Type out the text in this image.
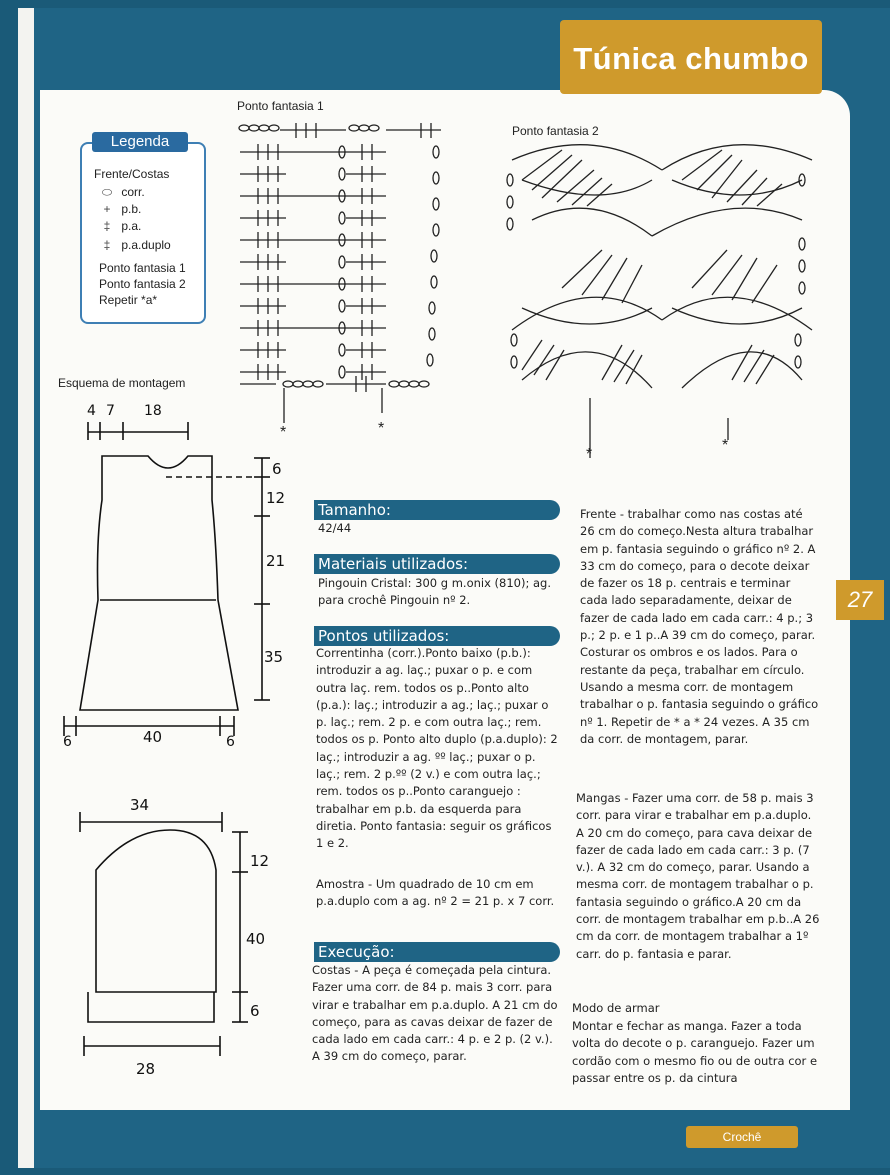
Túnica chumbo
27
Crochê
Legenda
Frente/Costas
⬭ corr.
+ p.b.
‡ p.a.
‡ p.a.duplo
Ponto fantasia 1
Ponto fantasia 2
Repetir *a*
Ponto fantasia 1
Ponto fantasia 2
Esquema de montagem
*	*
*
*
4 7 18
6
12
21
35
6	40	6
34
12
40
6
28
Tamanho:
42/44
Materiais utilizados:
Pingouin Cristal: 300 g m.onix (810); ag. para crochê Pingouin nº 2.
Pontos utilizados:
Correntinha (corr.).Ponto baixo (p.b.): introduzir a ag. laç.; puxar o p. e com outra laç. rem. todos os p..Ponto alto (p.a.): laç.; introduzir a ag.; laç.; puxar o p. laç.; rem. 2 p. e com outra laç.; rem. todos os p. Ponto alto duplo (p.a.duplo): 2 laç.; introduzir a ag. ºº laç.; puxar o p. laç.; rem. 2 p.ºº (2 v.) e com outra laç.; rem. todos os p..Ponto caranguejo : trabalhar em p.b. da esquerda para diretia. Ponto fantasia: seguir os gráficos 1 e 2.
Amostra - Um quadrado de 10 cm em p.a.duplo com a ag. nº 2 = 21 p. x 7 corr.
Execução:
Costas - A peça é começada pela cintura. Fazer uma corr. de 84 p. mais 3 corr. para virar e trabalhar em p.a.duplo. A 21 cm do começo, para as cavas deixar de fazer de cada lado em cada carr.: 4 p. e 2 p. (2 v.). A 39 cm do começo, parar.
Frente - trabalhar como nas costas até 26 cm do começo.Nesta altura trabalhar em p. fantasia seguindo o gráfico nº 2. A 33 cm do começo, para o decote deixar de fazer os 18 p. centrais e terminar cada lado separadamente, deixar de fazer de cada lado em cada carr.: 4 p.; 3 p.; 2 p. e 1 p..A 39 cm do começo, parar. Costurar os ombros e os lados. Para o restante da peça, trabalhar em círculo. Usando a mesma corr. de montagem trabalhar o p. fantasia seguindo o gráfico nº 1. Repetir de * a * 24 vezes. A 35 cm da corr. de montagem, parar.
Mangas - Fazer uma corr. de 58 p. mais 3 corr. para virar e trabalhar em p.a.duplo. A 20 cm do começo, para cava deixar de fazer de cada lado em cada carr.: 3 p. (7 v.). A 32 cm do começo, parar. Usando a mesma corr. de montagem trabalhar o p. fantasia seguindo o gráfico.A 20 cm da corr. de montagem trabalhar em p.b..A 26 cm da corr. de montagem trabalhar a 1º carr. do p. fantasia e parar.
Modo de armar
Montar e fechar as manga. Fazer a toda volta do decote o p. caranguejo. Fazer um cordão com o mesmo fio ou de outra cor e passar entre os p. da cintura
